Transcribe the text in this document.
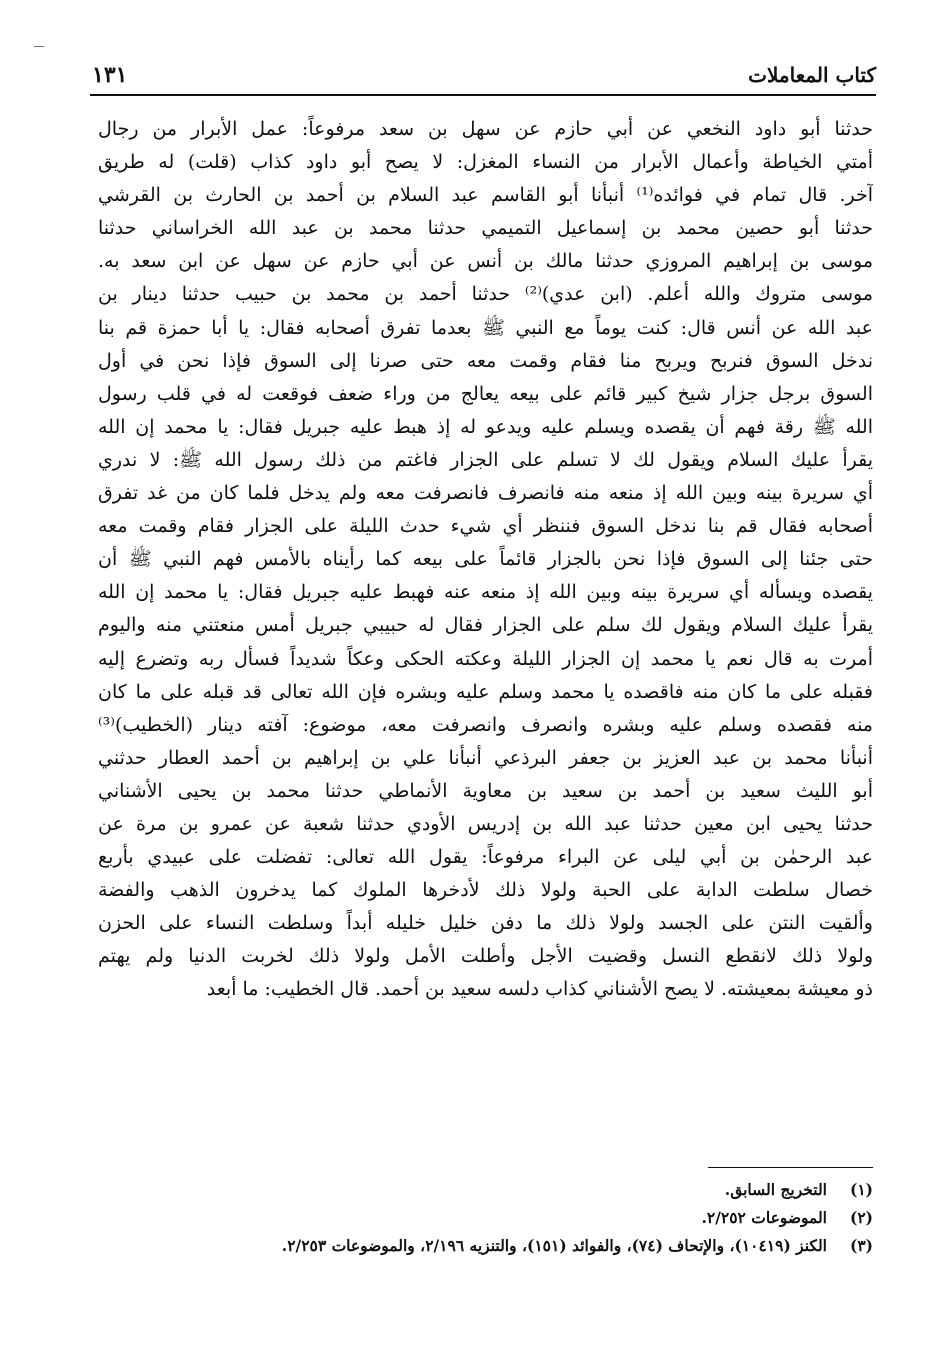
كتاب المعاملات
١٣١
حدثنا أبو داود النخعي عن أبي حازم عن سهل بن سعد مرفوعاً: عمل الأبرار من رجال
أمتي الخياطة وأعمال الأبرار من النساء المغزل: لا يصح أبو داود كذاب (قلت) له طريق
آخر. قال تمام في فوائده⁽¹⁾ أنبأنا أبو القاسم عبد السلام بن أحمد بن الحارث بن القرشي
حدثنا أبو حصين محمد بن إسماعيل التميمي حدثنا محمد بن عبد الله الخراساني حدثنا
موسى بن إبراهيم المروزي حدثنا مالك بن أنس عن أبي حازم عن سهل عن ابن سعد به.
موسى متروك والله أعلم. (ابن عدي)⁽²⁾ حدثنا أحمد بن محمد بن حبيب حدثنا دينار بن
عبد الله عن أنس قال: كنت يوماً مع النبي ﷺ بعدما تفرق أصحابه فقال: يا أبا حمزة قم بنا
ندخل السوق فنربح ويربح منا فقام وقمت معه حتى صرنا إلى السوق فإذا نحن في أول
السوق برجل جزار شيخ كبير قائم على بيعه يعالج من وراء ضعف فوقعت له في قلب رسول
الله ﷺ رقة فهم أن يقصده ويسلم عليه ويدعو له إذ هبط عليه جبريل فقال: يا محمد إن الله
يقرأ عليك السلام ويقول لك لا تسلم على الجزار فاغتم من ذلك رسول الله ﷺ: لا ندري
أي سريرة بينه وبين الله إذ منعه منه فانصرف فانصرفت معه ولم يدخل فلما كان من غد تفرق
أصحابه فقال قم بنا ندخل السوق فننظر أي شيء حدث الليلة على الجزار فقام وقمت معه
حتى جئنا إلى السوق فإذا نحن بالجزار قائماً على بيعه كما رأيناه بالأمس فهم النبي ﷺ أن
يقصده ويسأله أي سريرة بينه وبين الله إذ منعه عنه فهبط عليه جبريل فقال: يا محمد إن الله
يقرأ عليك السلام ويقول لك سلم على الجزار فقال له حبيبي جبريل أمس منعتني منه واليوم
أمرت به قال نعم يا محمد إن الجزار الليلة وعكته الحكى وعكاً شديداً فسأل ربه وتضرع إليه
فقبله على ما كان منه فاقصده يا محمد وسلم عليه وبشره فإن الله تعالى قد قبله على ما كان
منه فقصده وسلم عليه وبشره وانصرف وانصرفت معه، موضوع: آفته دينار (الخطيب)⁽³⁾
أنبأنا محمد بن عبد العزيز بن جعفر البرذعي أنبأنا علي بن إبراهيم بن أحمد العطار حدثني
أبو الليث سعيد بن أحمد بن سعيد بن معاوية الأنماطي حدثنا محمد بن يحيى الأشناني
حدثنا يحيى ابن معين حدثنا عبد الله بن إدريس الأودي حدثنا شعبة عن عمرو بن مرة عن
عبد الرحمٰن بن أبي ليلى عن البراء مرفوعاً: يقول الله تعالى: تفضلت على عبيدي بأربع
خصال سلطت الدابة على الحبة ولولا ذلك لأدخرها الملوك كما يدخرون الذهب والفضة
وألقيت النتن على الجسد ولولا ذلك ما دفن خليل خليله أبداً وسلطت النساء على الحزن
ولولا ذلك لانقطع النسل وقضيت الأجل وأطلت الأمل ولولا ذلك لخربت الدنيا ولم يهتم
ذو معيشة بمعيشته. لا يصح الأشناني كذاب دلسه سعيد بن أحمد. قال الخطيب: ما أبعد
(١)التخريج السابق.
(٢)الموضوعات ٢/٢٥٢.
(٣)الكنز (١٠٤١٩)، والإتحاف (٧٤)، والفوائد (١٥١)، والتنزيه ٢/١٩٦، والموضوعات ٢/٢٥٣.
